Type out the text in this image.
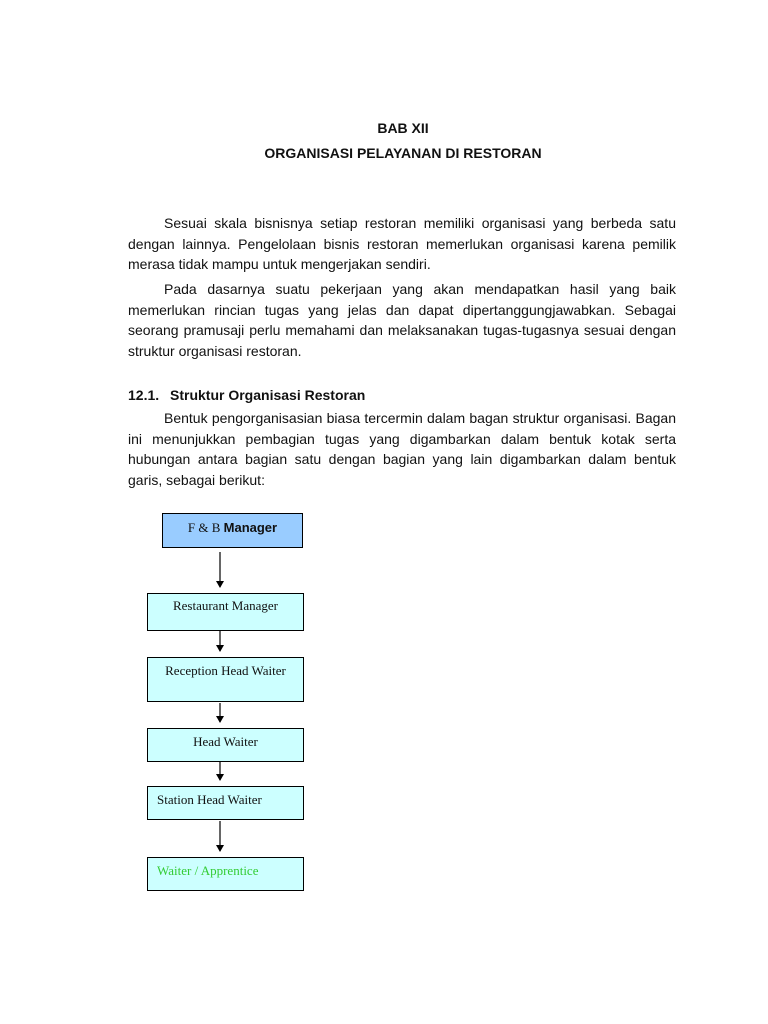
BAB XII
ORGANISASI PELAYANAN DI RESTORAN

Sesuai skala bisnisnya setiap restoran memiliki organisasi yang berbeda satu dengan lainnya. Pengelolaan bisnis restoran memerlukan organisasi karena pemilik merasa tidak mampu untuk mengerjakan sendiri.

Pada dasarnya suatu pekerjaan yang akan mendapatkan hasil yang baik memerlukan rincian tugas yang jelas dan dapat dipertanggungjawabkan. Sebagai seorang pramusaji perlu memahami dan melaksanakan tugas-tugasnya sesuai dengan struktur organisasi restoran.

12.1. Struktur Organisasi Restoran

Bentuk pengorganisasian biasa tercermin dalam bagan struktur organisasi. Bagan ini menunjukkan pembagian tugas yang digambarkan dalam bentuk kotak serta hubungan antara bagian satu dengan bagian yang lain digambarkan dalam bentuk garis, sebagai berikut:

F & B Manager
Restaurant Manager
Reception Head Waiter
Head Waiter
Station Head Waiter
Waiter / Apprentice
